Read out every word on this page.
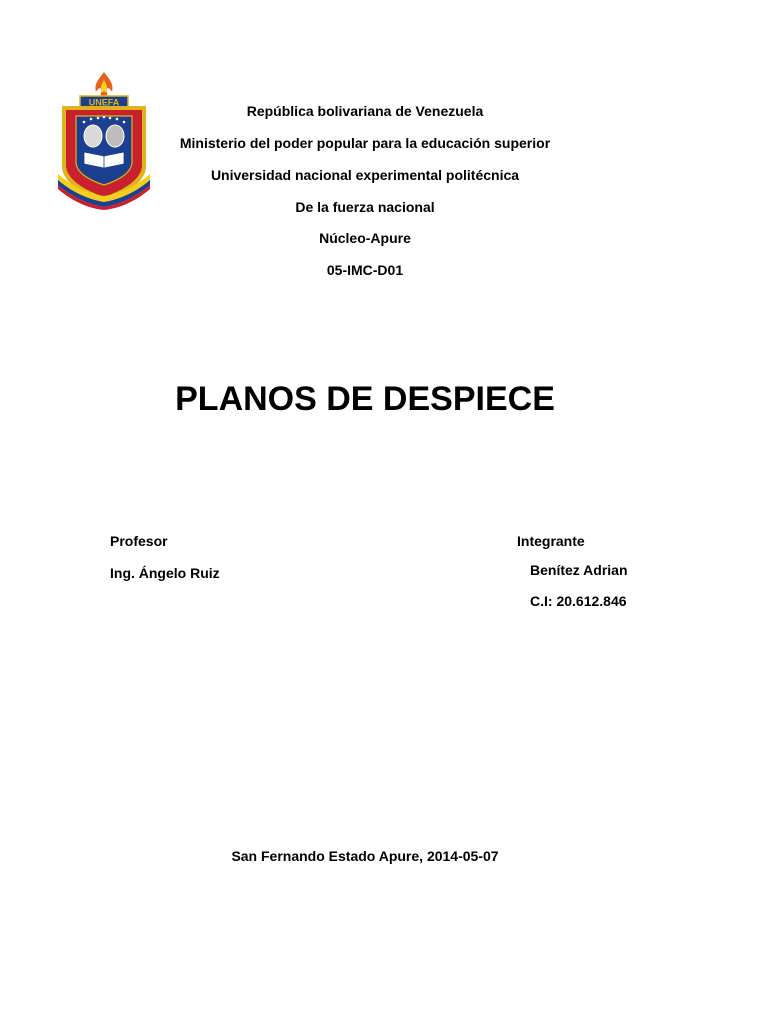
UNEFA
República bolivariana de Venezuela
Ministerio del poder popular para la educación superior
Universidad nacional experimental politécnica
De la fuerza nacional
Núcleo-Apure
05-IMC-D01
PLANOS DE DESPIECE
Profesor
Ing. Ángelo Ruiz
Integrante
Benítez Adrian
C.I: 20.612.846
San Fernando Estado Apure, 2014-05-07
